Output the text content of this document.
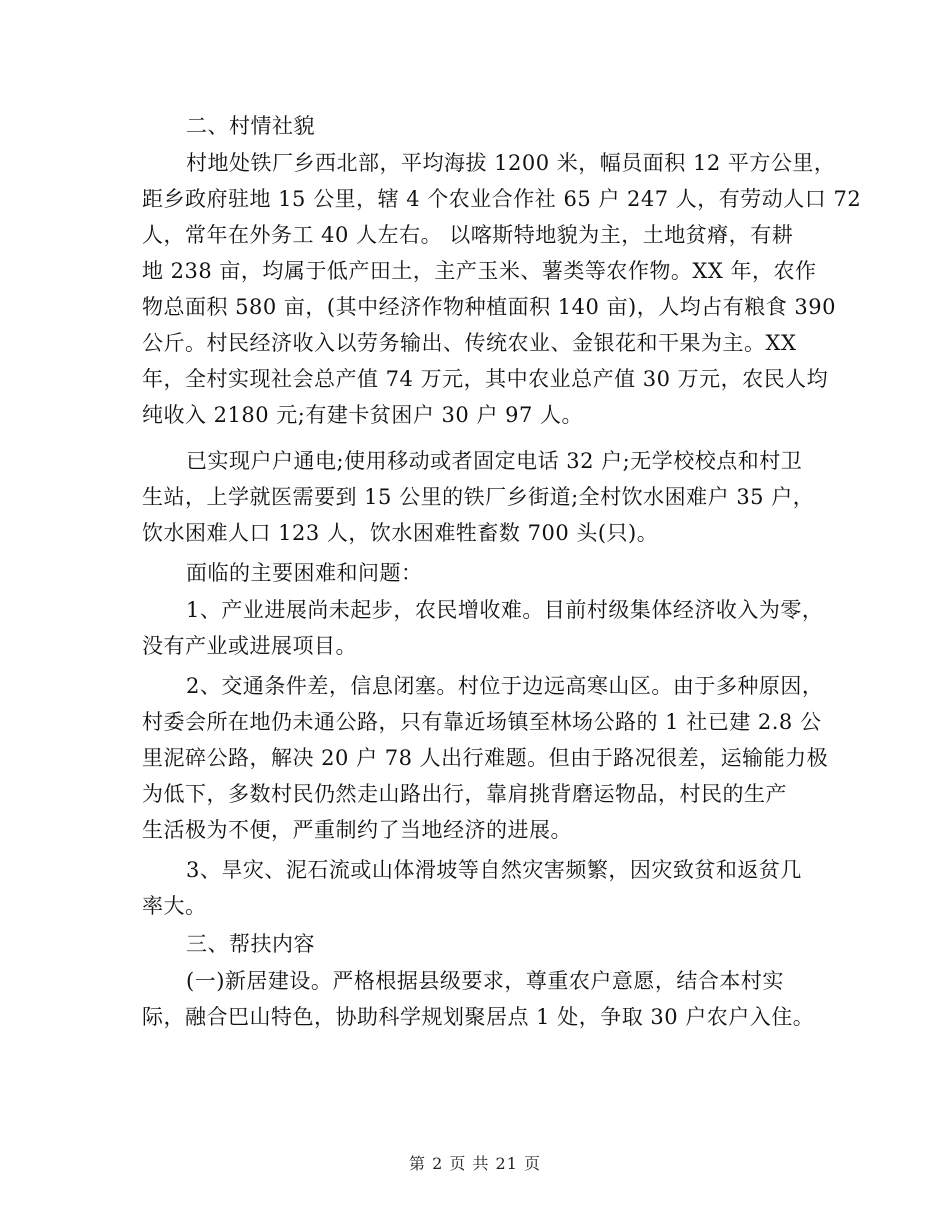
二、村情社貌
村地处铁厂乡西北部，平均海拔 1200 米，幅员面积 12 平方公里，
距乡政府驻地 15 公里，辖 4 个农业合作社 65 户 247 人，有劳动人口 72
人，常年在外务工 40 人左右。 以喀斯特地貌为主，土地贫瘠，有耕
地 238 亩，均属于低产田土，主产玉米、薯类等农作物。XX 年，农作
物总面积 580 亩，(其中经济作物种植面积 140 亩)，人均占有粮食 390
公斤。村民经济收入以劳务输出、传统农业、金银花和干果为主。XX
年，全村实现社会总产值 74 万元，其中农业总产值 30 万元，农民人均
纯收入 2180 元;有建卡贫困户 30 户 97 人。
已实现户户通电;使用移动或者固定电话 32 户;无学校校点和村卫
生站，上学就医需要到 15 公里的铁厂乡街道;全村饮水困难户 35 户，
饮水困难人口 123 人，饮水困难牲畜数 700 头(只)。
面临的主要困难和问题：
1、产业进展尚未起步，农民增收难。目前村级集体经济收入为零，
没有产业或进展项目。
2、交通条件差，信息闭塞。村位于边远高寒山区。由于多种原因，
村委会所在地仍未通公路，只有靠近场镇至林场公路的 1 社已建 2.8 公
里泥碎公路，解决 20 户 78 人出行难题。但由于路况很差，运输能力极
为低下，多数村民仍然走山路出行，靠肩挑背磨运物品，村民的生产
生活极为不便，严重制约了当地经济的进展。
3、旱灾、泥石流或山体滑坡等自然灾害频繁，因灾致贫和返贫几
率大。
三、帮扶内容
(一)新居建设。严格根据县级要求，尊重农户意愿，结合本村实
际，融合巴山特色，协助科学规划聚居点 1 处，争取 30 户农户入住。
第 2 页 共 21 页
